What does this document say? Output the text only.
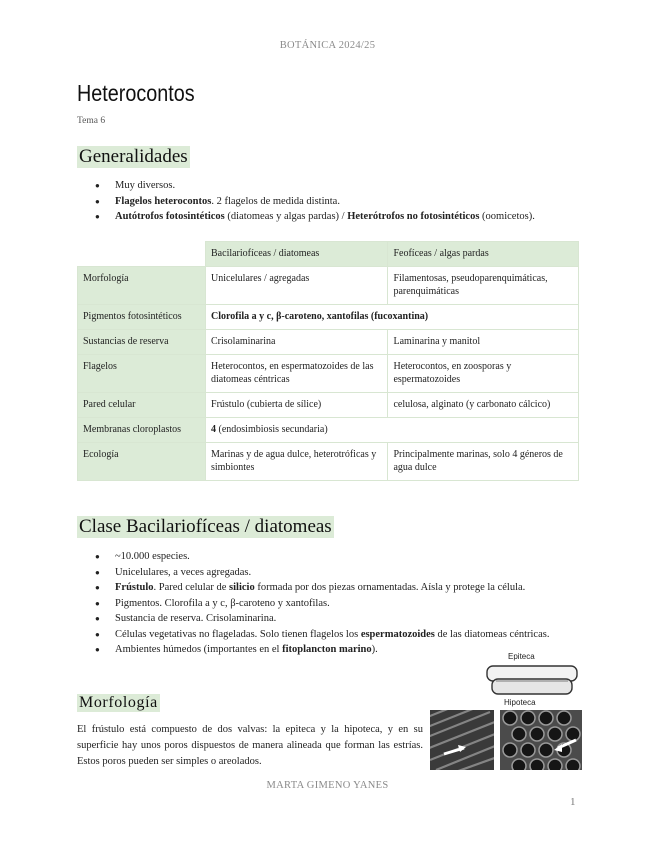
BOTÁNICA 2024/25
Heterocontos
Tema 6
Generalidades
● Muy diversos.
● Flagelos heterocontos. 2 flagelos de medida distinta.
● Autótrofos fotosintéticos (diatomeas y algas pardas) / Heterótrofos no fotosintéticos (oomicetos).
	Bacilariofíceas / diatomeas	Feofíceas / algas pardas
Morfología	Unicelulares / agregadas	Filamentosas, pseudoparenquimáticas, parenquimáticas
Pigmentos fotosintéticos	Clorofila a y c, β-caroteno, xantofilas (fucoxantina)	
Sustancias de reserva	Crisolaminarina	Laminarina y manitol
Flagelos	Heterocontos, en espermatozoides de las diatomeas céntricas	Heterocontos, en zoosporas y espermatozoides
Pared celular	Frústulo (cubierta de sílice)	celulosa, alginato (y carbonato cálcico)
Membranas cloroplastos	4 (endosimbiosis secundaria)	
Ecología	Marinas y de agua dulce, heterotróficas y simbiontes	Principalmente marinas, solo 4 géneros de agua dulce
Clase Bacilariofíceas / diatomeas
● ~10.000 especies.
● Unicelulares, a veces agregadas.
● Frústulo. Pared celular de silicio formada por dos piezas ornamentadas. Aísla y protege la célula.
● Pigmentos. Clorofila a y c, β-caroteno y xantofilas.
● Sustancia de reserva. Crisolaminarina.
● Células vegetativas no flageladas. Solo tienen flagelos los espermatozoides de las diatomeas céntricas.
● Ambientes húmedos (importantes en el fitoplancton marino).
Morfología

El frústulo está compuesto de dos valvas: la epiteca y la hipoteca, y en su superficie hay unos poros dispuestos de manera alineada que forman las estrías. Estos poros pueden ser simples o areolados.

Epiteca
Hipoteca
MARTA GIMENO YANES
1
